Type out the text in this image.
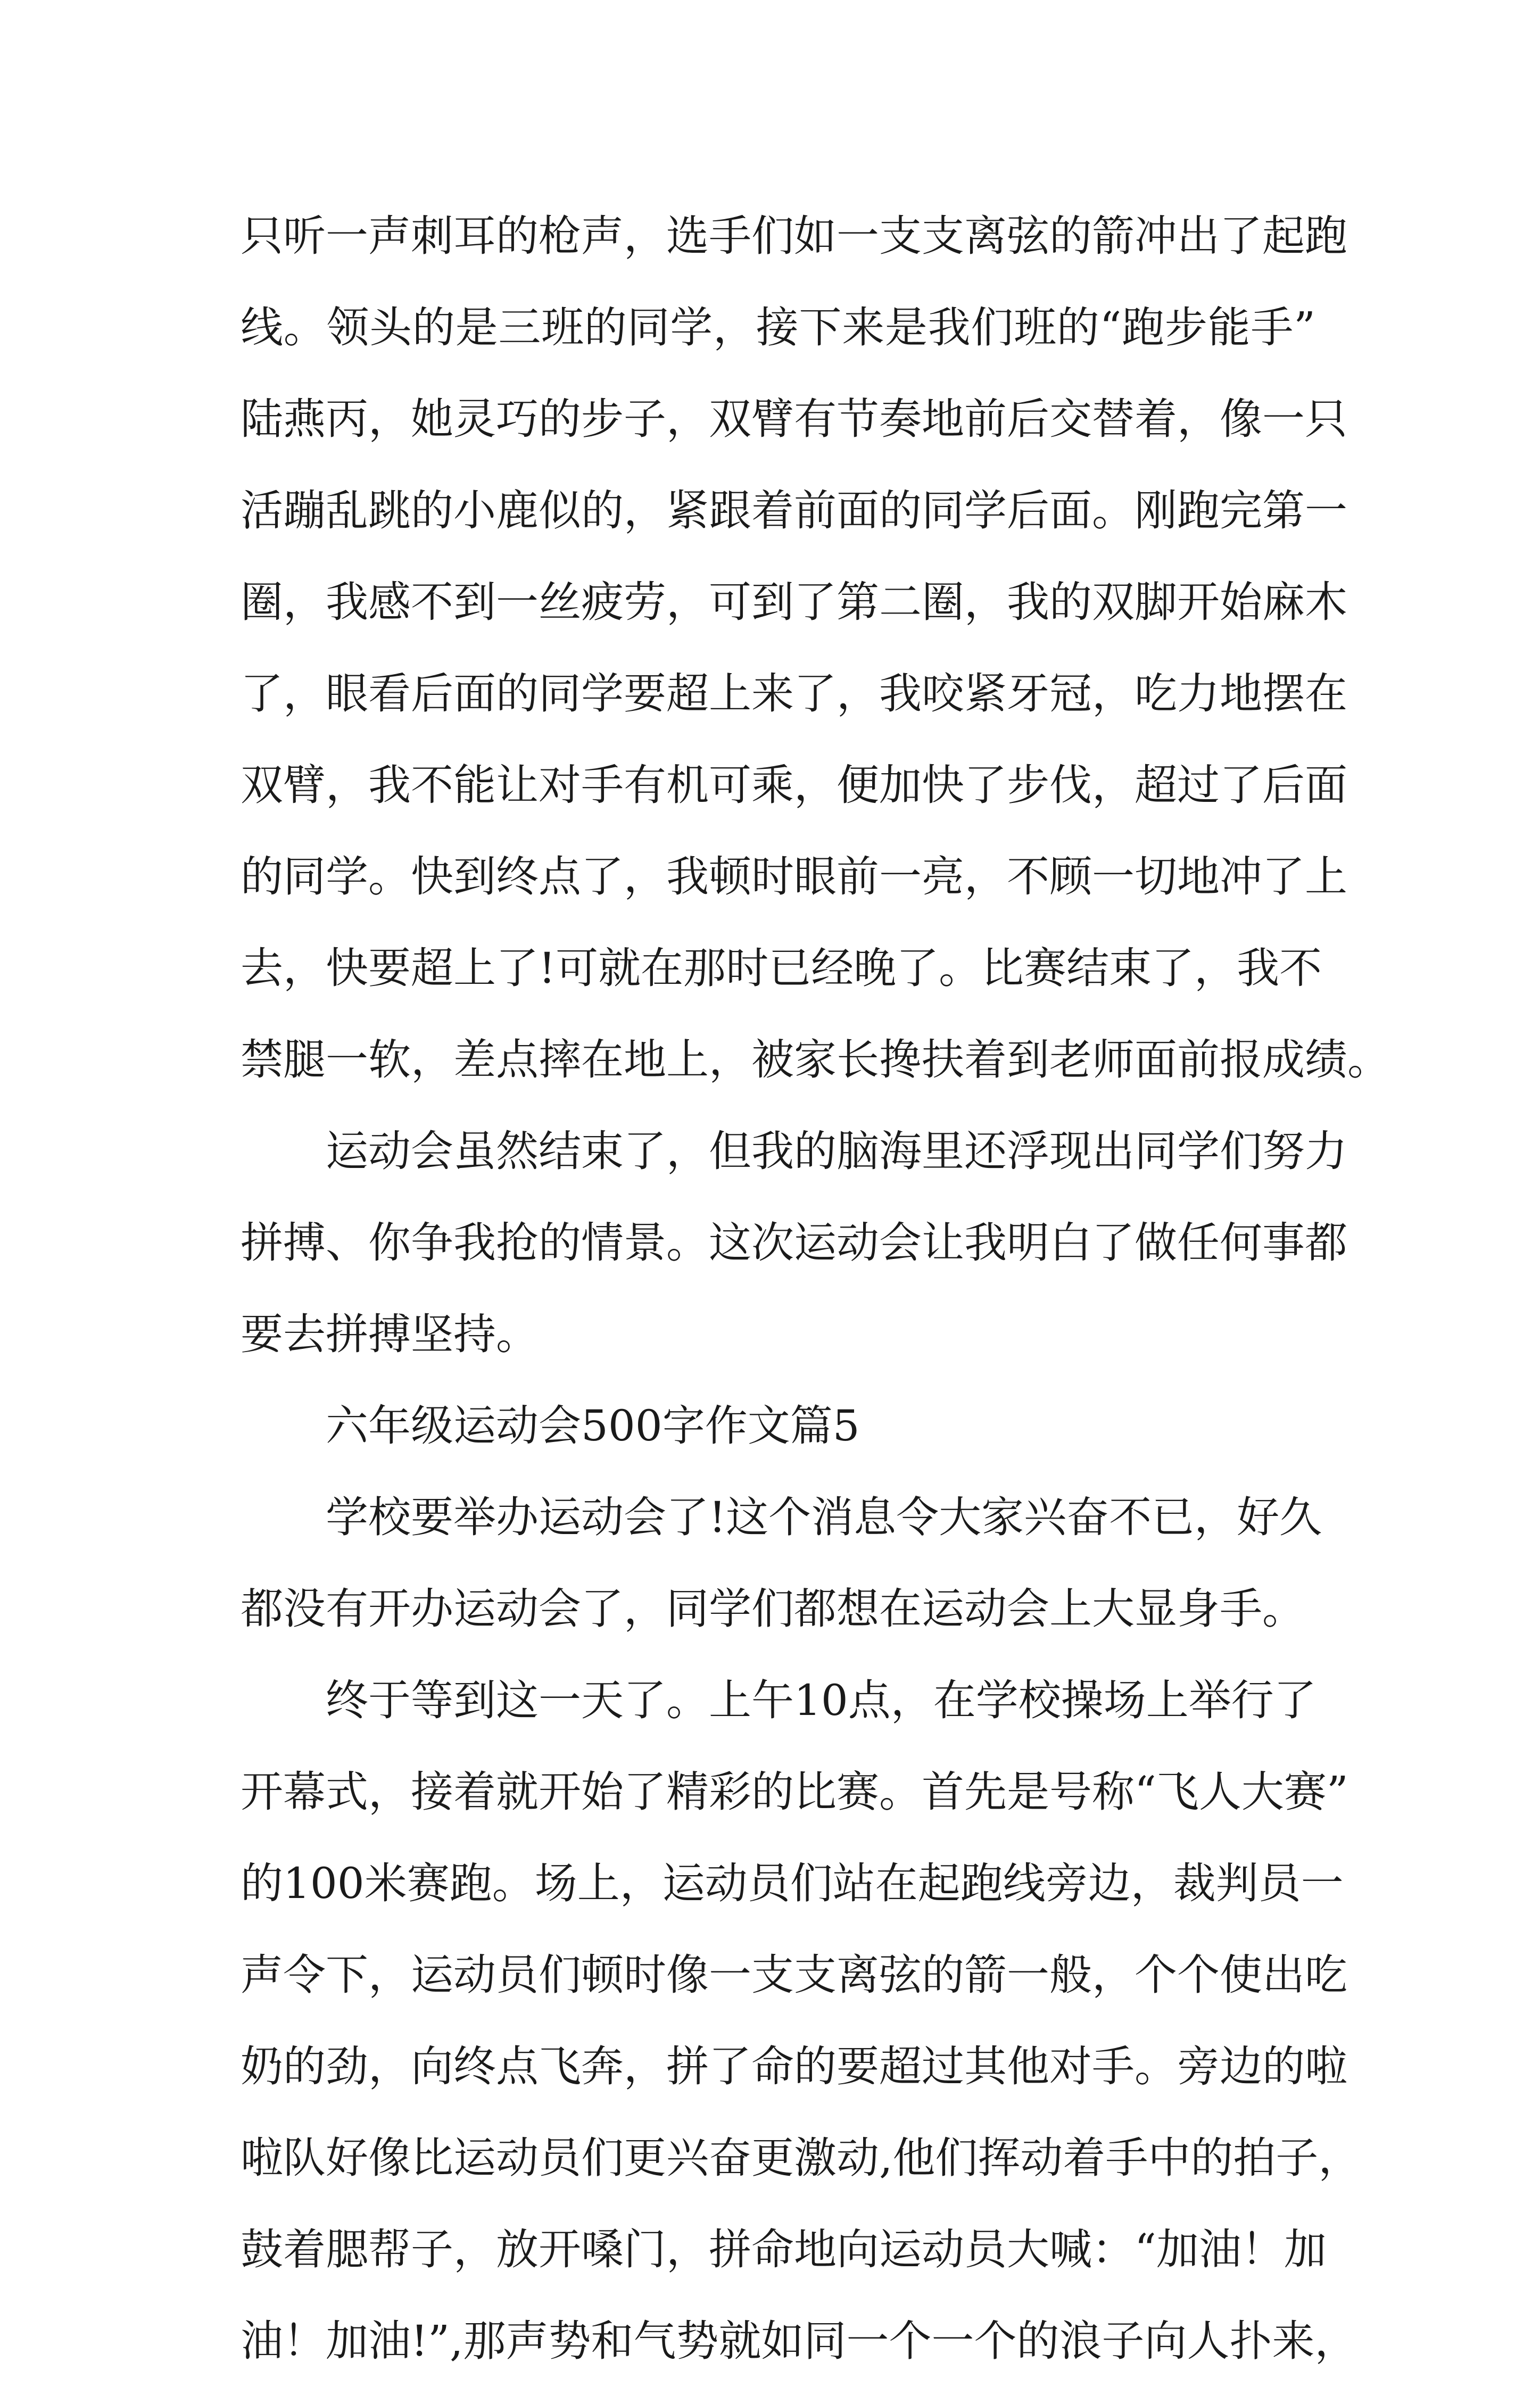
只听一声刺耳的枪声，选手们如一支支离弦的箭冲出了起跑
线。领头的是三班的同学，接下来是我们班的“跑步能手”
陆燕丙，她灵巧的步子，双臂有节奏地前后交替着，像一只
活蹦乱跳的小鹿似的，紧跟着前面的同学后面。刚跑完第一
圈，我感不到一丝疲劳，可到了第二圈，我的双脚开始麻木
了，眼看后面的同学要超上来了，我咬紧牙冠，吃力地摆在
双臂，我不能让对手有机可乘，便加快了步伐，超过了后面
的同学。快到终点了，我顿时眼前一亮，不顾一切地冲了上
去，快要超上了!可就在那时已经晚了。比赛结束了，我不
禁腿一软，差点摔在地上，被家长搀扶着到老师面前报成绩。
运动会虽然结束了，但我的脑海里还浮现出同学们努力
拼搏、你争我抢的情景。这次运动会让我明白了做任何事都
要去拼搏坚持。
六年级运动会500字作文篇5
学校要举办运动会了!这个消息令大家兴奋不已，好久
都没有开办运动会了，同学们都想在运动会上大显身手。
终于等到这一天了。上午10点，在学校操场上举行了
开幕式，接着就开始了精彩的比赛。首先是号称“飞人大赛”
的100米赛跑。场上，运动员们站在起跑线旁边，裁判员一
声令下，运动员们顿时像一支支离弦的箭一般，个个使出吃
奶的劲，向终点飞奔，拼了命的要超过其他对手。旁边的啦
啦队好像比运动员们更兴奋更激动,他们挥动着手中的拍子，
鼓着腮帮子，放开嗓门，拼命地向运动员大喊：“加油！加
油！加油!”,那声势和气势就如同一个一个的浪子向人扑来，
